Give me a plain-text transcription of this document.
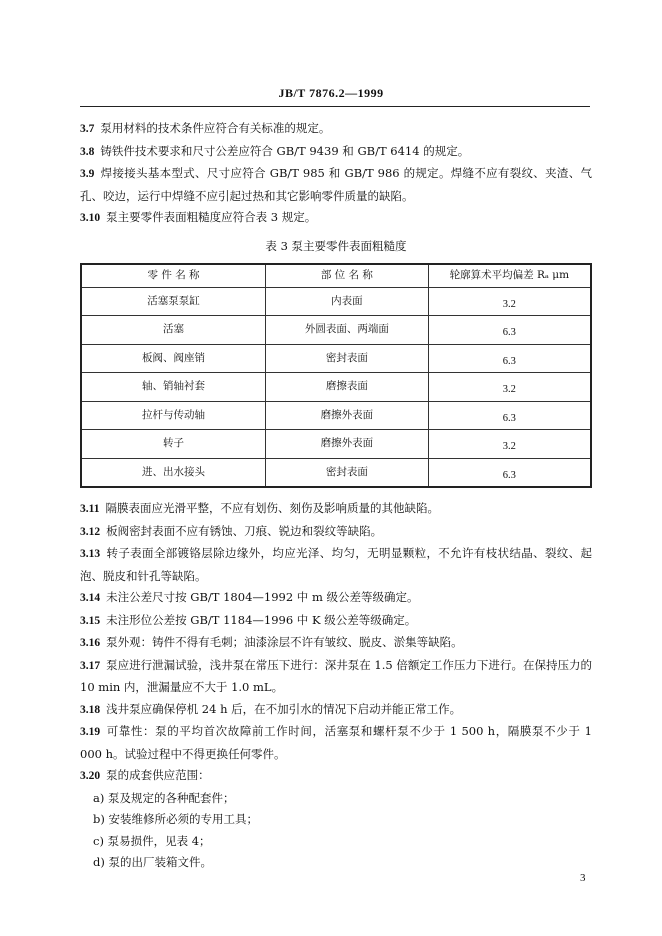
JB/T 7876.2—1999

3.7 泵用材料的技术条件应符合有关标准的规定。

3.8 铸铁件技术要求和尺寸公差应符合 GB/T 9439 和 GB/T 6414 的规定。

3.9 焊接接头基本型式、尺寸应符合 GB/T 985 和 GB/T 986 的规定。焊缝不应有裂纹、夹渣、气孔、咬边，运行中焊缝不应引起过热和其它影响零件质量的缺陷。

3.10 泵主要零件表面粗糙度应符合表 3 规定。

表 3 泵主要零件表面粗糙度
零 件 名 称	部 位 名 称	轮廓算术平均偏差 Rₐ μm
活塞泵泵缸	内表面	3.2
活塞	外圆表面、两端面	6.3
板阀、阀座销	密封表面	6.3
轴、销轴衬套	磨擦表面	3.2
拉杆与传动轴	磨擦外表面	6.3
转子	磨擦外表面	3.2
进、出水接头	密封表面	6.3

3.11 隔膜表面应光滑平整，不应有划伤、刻伤及影响质量的其他缺陷。

3.12 板阀密封表面不应有锈蚀、刀痕、锐边和裂纹等缺陷。

3.13 转子表面全部镀铬层除边缘外，均应光泽、均匀，无明显颗粒，不允许有枝状结晶、裂纹、起泡、脱皮和针孔等缺陷。

3.14 未注公差尺寸按 GB/T 1804—1992 中 m 级公差等级确定。

3.15 未注形位公差按 GB/T 1184—1996 中 K 级公差等级确定。

3.16 泵外观：铸件不得有毛刺；油漆涂层不许有皱纹、脱皮、淤集等缺陷。

3.17 泵应进行泄漏试验，浅井泵在常压下进行：深井泵在 1.5 倍额定工作压力下进行。在保持压力的 10 min 内，泄漏量应不大于 1.0 mL。

3.18 浅井泵应确保停机 24 h 后，在不加引水的情况下启动并能正常工作。

3.19 可靠性：泵的平均首次故障前工作时间，活塞泵和螺杆泵不少于 1 500 h，隔膜泵不少于 1 000 h。试验过程中不得更换任何零件。

3.20 泵的成套供应范围：

a) 泵及规定的各种配套件；

b) 安装维修所必须的专用工具；

c) 泵易损件，见表 4；

d) 泵的出厂装箱文件。

3
